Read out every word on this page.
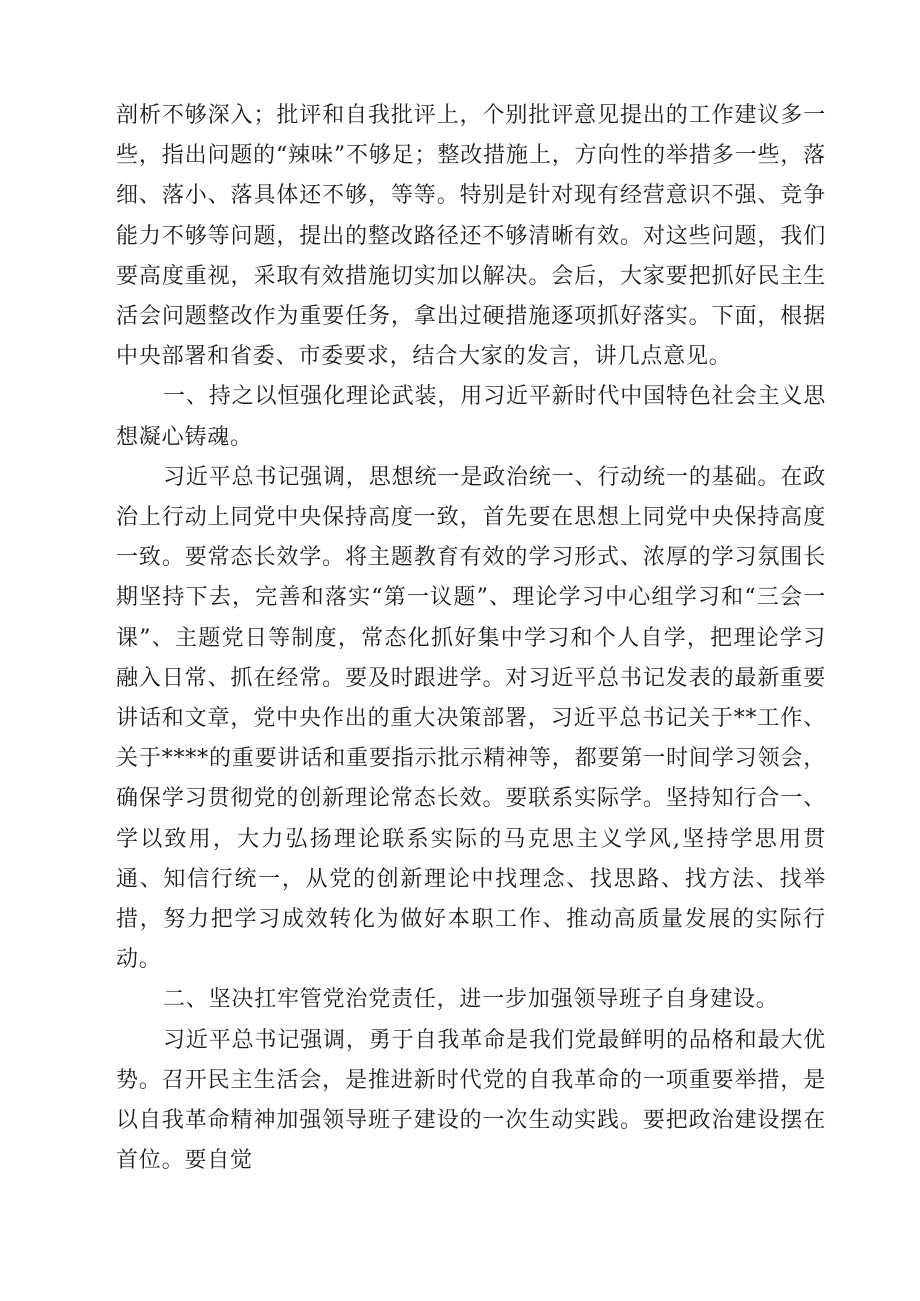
剖析不够深入；批评和自我批评上，个别批评意见提出的工作建议多一些，指出问题的“辣味”不够足；整改措施上，方向性的举措多一些，落细、落小、落具体还不够，等等。特别是针对现有经营意识不强、竞争能力不够等问题，提出的整改路径还不够清晰有效。对这些问题，我们要高度重视，采取有效措施切实加以解决。会后，大家要把抓好民主生活会问题整改作为重要任务，拿出过硬措施逐项抓好落实。下面，根据中央部署和省委、市委要求，结合大家的发言，讲几点意见。

一、持之以恒强化理论武装，用习近平新时代中国特色社会主义思想凝心铸魂。

习近平总书记强调，思想统一是政治统一、行动统一的基础。在政治上行动上同党中央保持高度一致，首先要在思想上同党中央保持高度一致。要常态长效学。将主题教育有效的学习形式、浓厚的学习氛围长期坚持下去，完善和落实“第一议题”、理论学习中心组学习和“三会一课”、主题党日等制度，常态化抓好集中学习和个人自学，把理论学习融入日常、抓在经常。要及时跟进学。对习近平总书记发表的最新重要讲话和文章，党中央作出的重大决策部署，习近平总书记关于**工作、关于****的重要讲话和重要指示批示精神等，都要第一时间学习领会，确保学习贯彻党的创新理论常态长效。要联系实际学。坚持知行合一、学以致用，大力弘扬理论联系实际的马克思主义学风,坚持学思用贯通、知信行统一，从党的创新理论中找理念、找思路、找方法、找举措，努力把学习成效转化为做好本职工作、推动高质量发展的实际行动。

二、坚决扛牢管党治党责任，进一步加强领导班子自身建设。

习近平总书记强调，勇于自我革命是我们党最鲜明的品格和最大优势。召开民主生活会，是推进新时代党的自我革命的一项重要举措，是以自我革命精神加强领导班子建设的一次生动实践。要把政治建设摆在首位。要自觉
